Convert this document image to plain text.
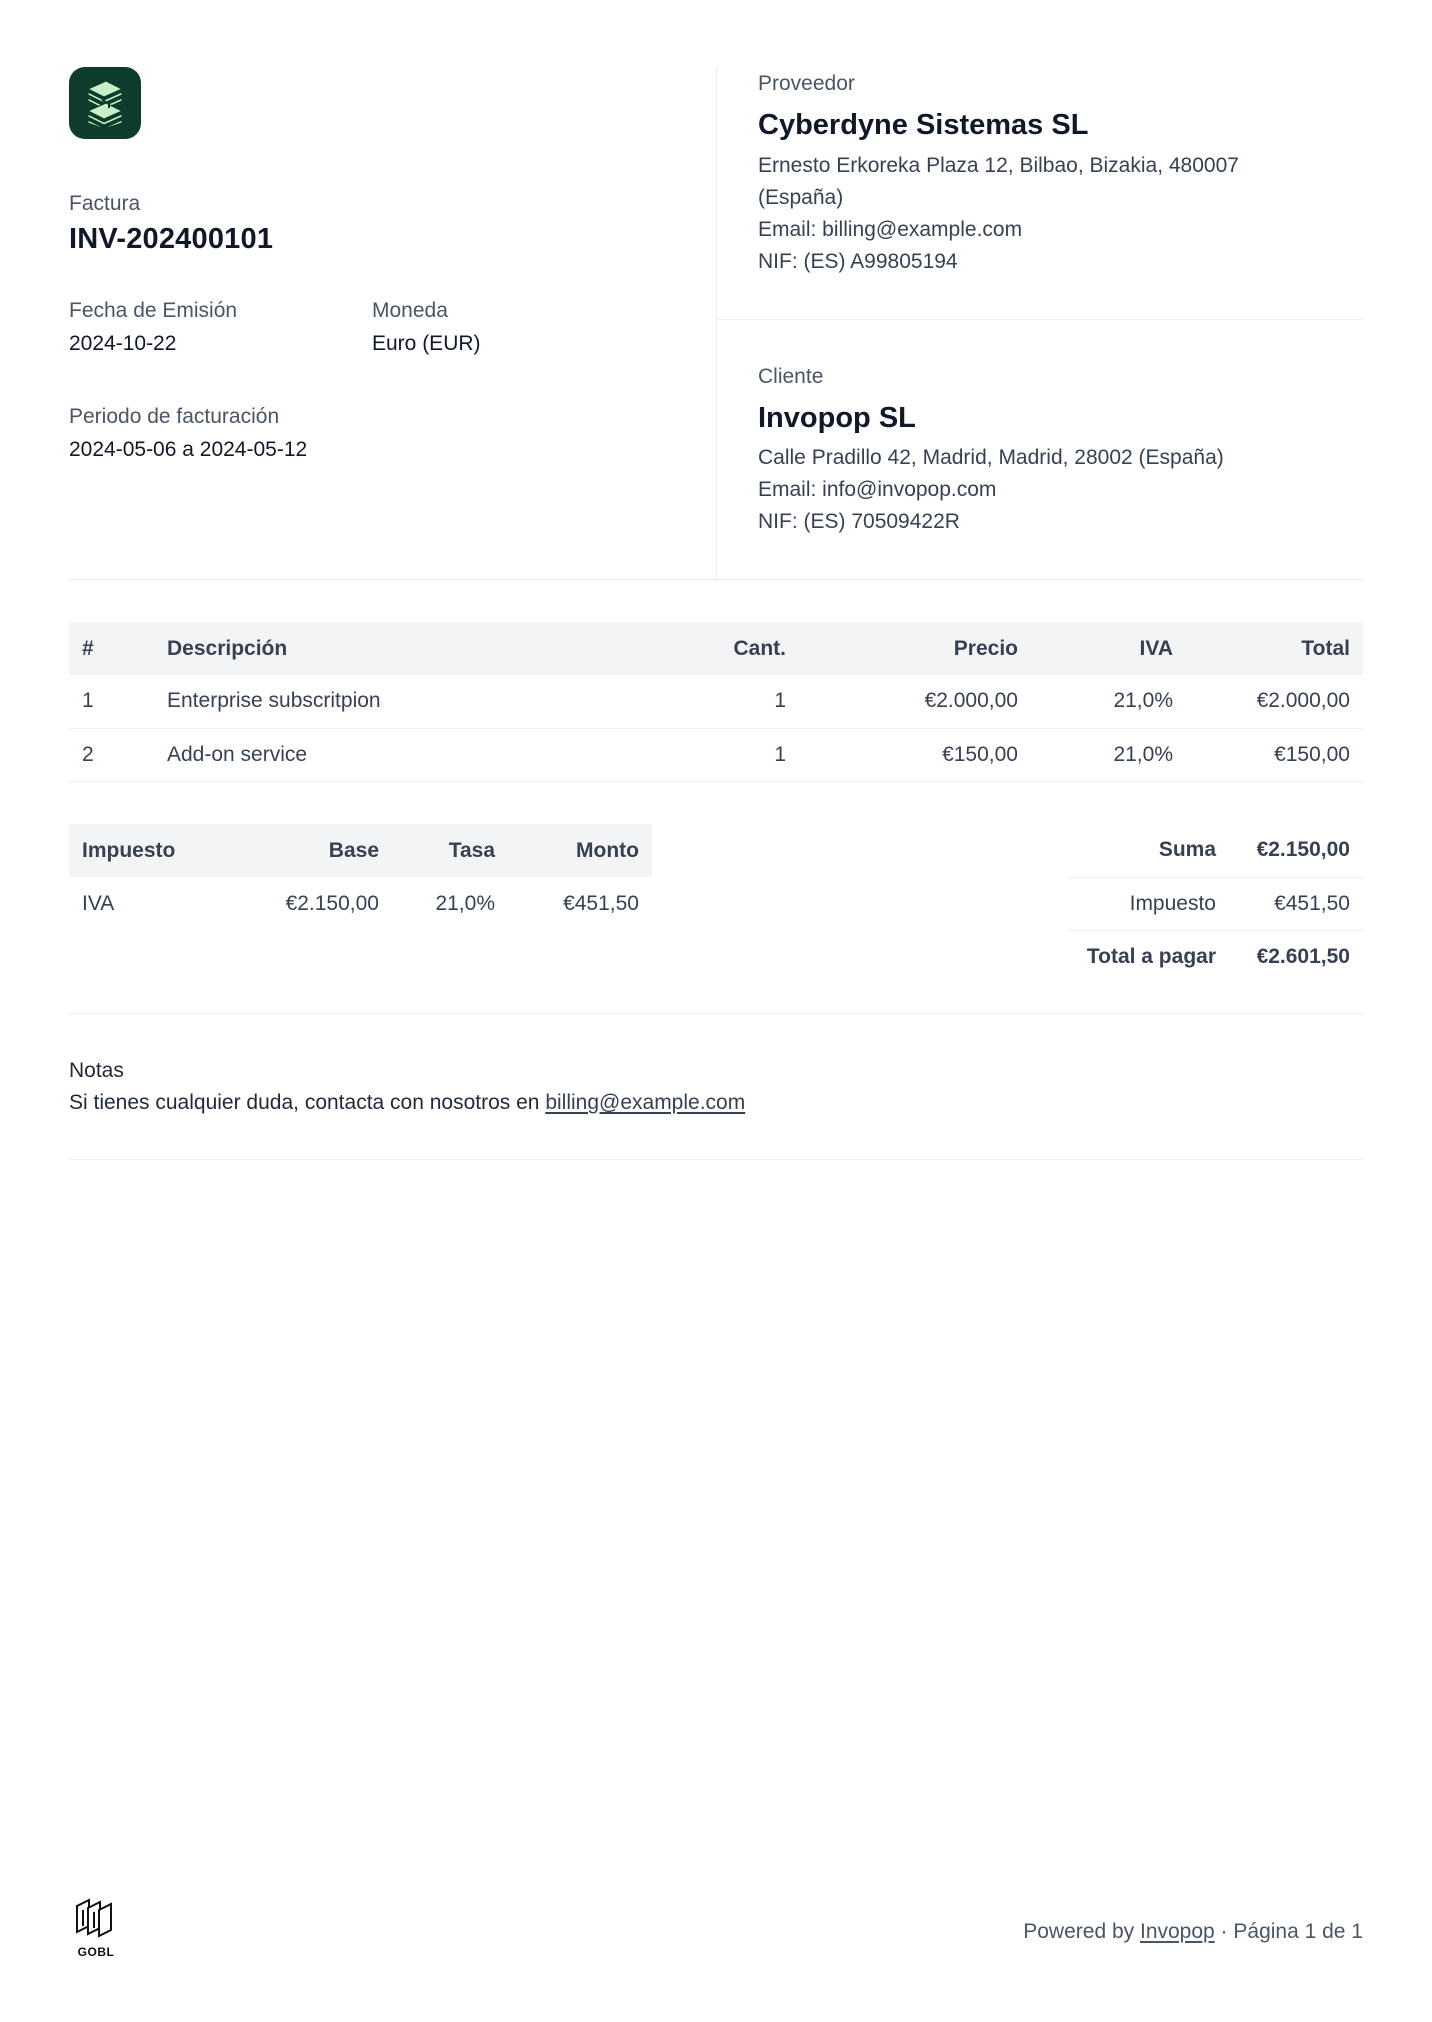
Factura
INV-202400101
Fecha de Emisión
2024-10-22
Moneda
Euro (EUR)
Periodo de facturación
2024-05-06 a 2024-05-12
Proveedor
Cyberdyne Sistemas SL
Ernesto Erkoreka Plaza 12, Bilbao, Bizakia, 480007
(España)
Email: billing@example.com
NIF: (ES) A99805194
Cliente
Invopop SL
Calle Pradillo 42, Madrid, Madrid, 28002 (España)
Email: info@invopop.com
NIF: (ES) 70509422R
#	Descripción	Cant.	Precio	IVA	Total
1	Enterprise subscritpion	1	€2.000,00	21,0%	€2.000,00
2	Add-on service	1	€150,00	21,0%	€150,00
Impuesto	Base	Tasa	Monto
IVA	€2.150,00	21,0%	€451,50
Suma	€2.150,00
Impuesto	€451,50
Total a pagar	€2.601,50
Notas
Si tienes cualquier duda, contacta con nosotros en billing@example.com
GOBL
Powered by Invopop · Página 1 de 1
